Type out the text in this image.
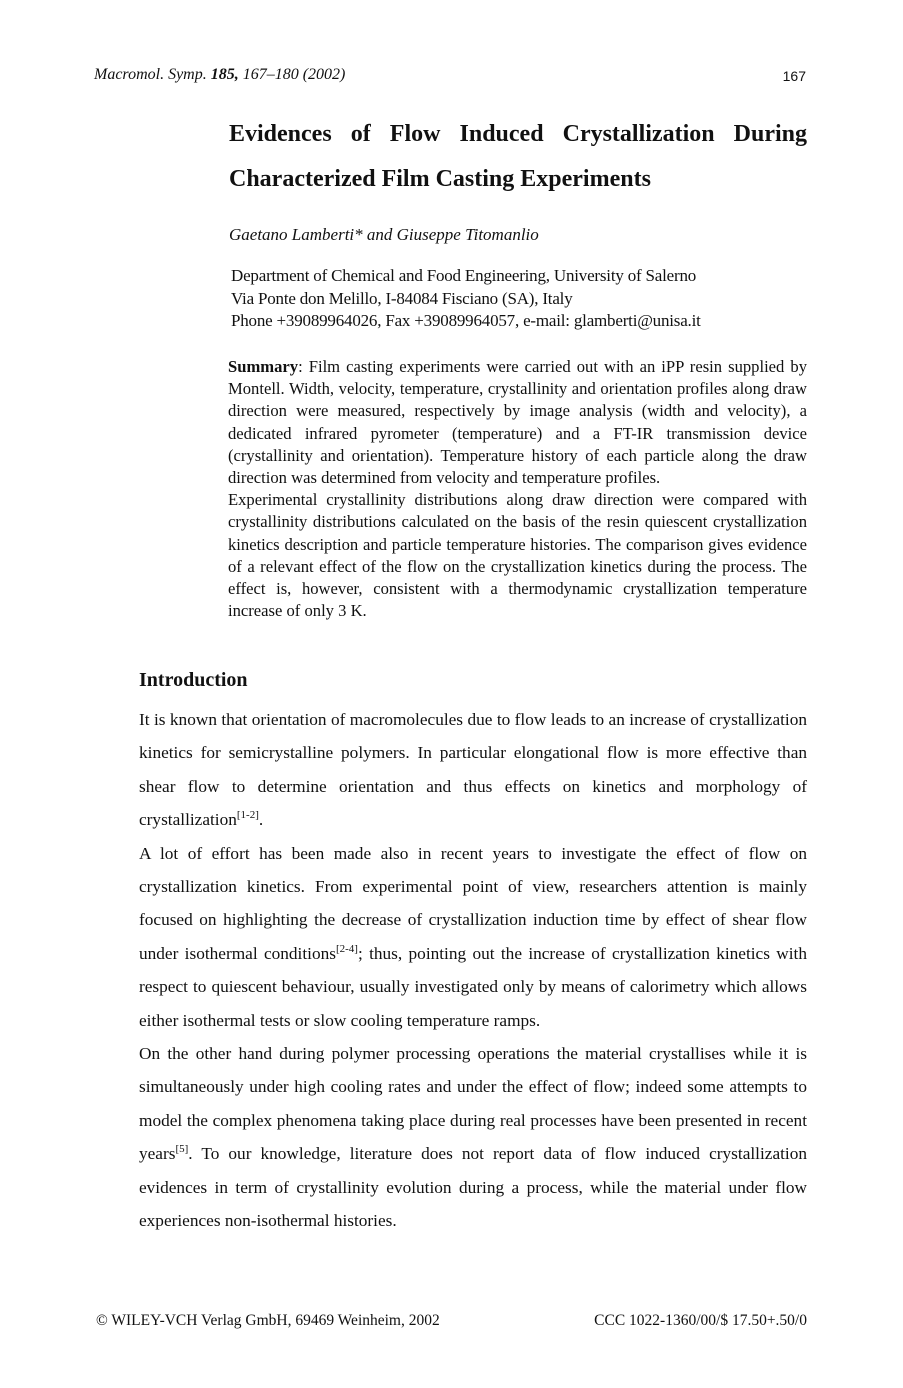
Macromol. Symp. 185, 167–180 (2002)	167
Evidences of Flow Induced Crystallization During
Characterized Film Casting Experiments
Gaetano Lamberti* and Giuseppe Titomanlio
Department of Chemical and Food Engineering, University of Salerno
Via Ponte don Melillo, I-84084 Fisciano (SA), Italy
Phone +39089964026, Fax +39089964057, e-mail: glamberti@unisa.it

Summary: Film casting experiments were carried out with an iPP resin supplied by Montell. Width, velocity, temperature, crystallinity and orientation profiles along draw direction were measured, respectively by image analysis (width and velocity), a dedicated infrared pyrometer (temperature) and a FT-IR transmission device (crystallinity and orientation). Temperature history of each particle along the draw direction was determined from velocity and temperature profiles.

Experimental crystallinity distributions along draw direction were compared with crystallinity distributions calculated on the basis of the resin quiescent crystallization kinetics description and particle temperature histories. The comparison gives evidence of a relevant effect of the flow on the crystallization kinetics during the process. The effect is, however, consistent with a thermodynamic crystallization temperature increase of only 3 K.

Introduction

It is known that orientation of macromolecules due to flow leads to an increase of crystallization kinetics for semicrystalline polymers. In particular elongational flow is more effective than shear flow to determine orientation and thus effects on kinetics and morphology of crystallization[1-2].

A lot of effort has been made also in recent years to investigate the effect of flow on crystallization kinetics. From experimental point of view, researchers attention is mainly focused on highlighting the decrease of crystallization induction time by effect of shear flow under isothermal conditions[2-4]; thus, pointing out the increase of crystallization kinetics with respect to quiescent behaviour, usually investigated only by means of calorimetry which allows either isothermal tests or slow cooling temperature ramps.

On the other hand during polymer processing operations the material crystallises while it is simultaneously under high cooling rates and under the effect of flow; indeed some attempts to model the complex phenomena taking place during real processes have been presented in recent years[5]. To our knowledge, literature does not report data of flow induced crystallization evidences in term of crystallinity evolution during a process, while the material under flow experiences non-isothermal histories.

© WILEY-VCH Verlag GmbH, 69469 Weinheim, 2002	CCC 1022-1360/00/$ 17.50+.50/0
